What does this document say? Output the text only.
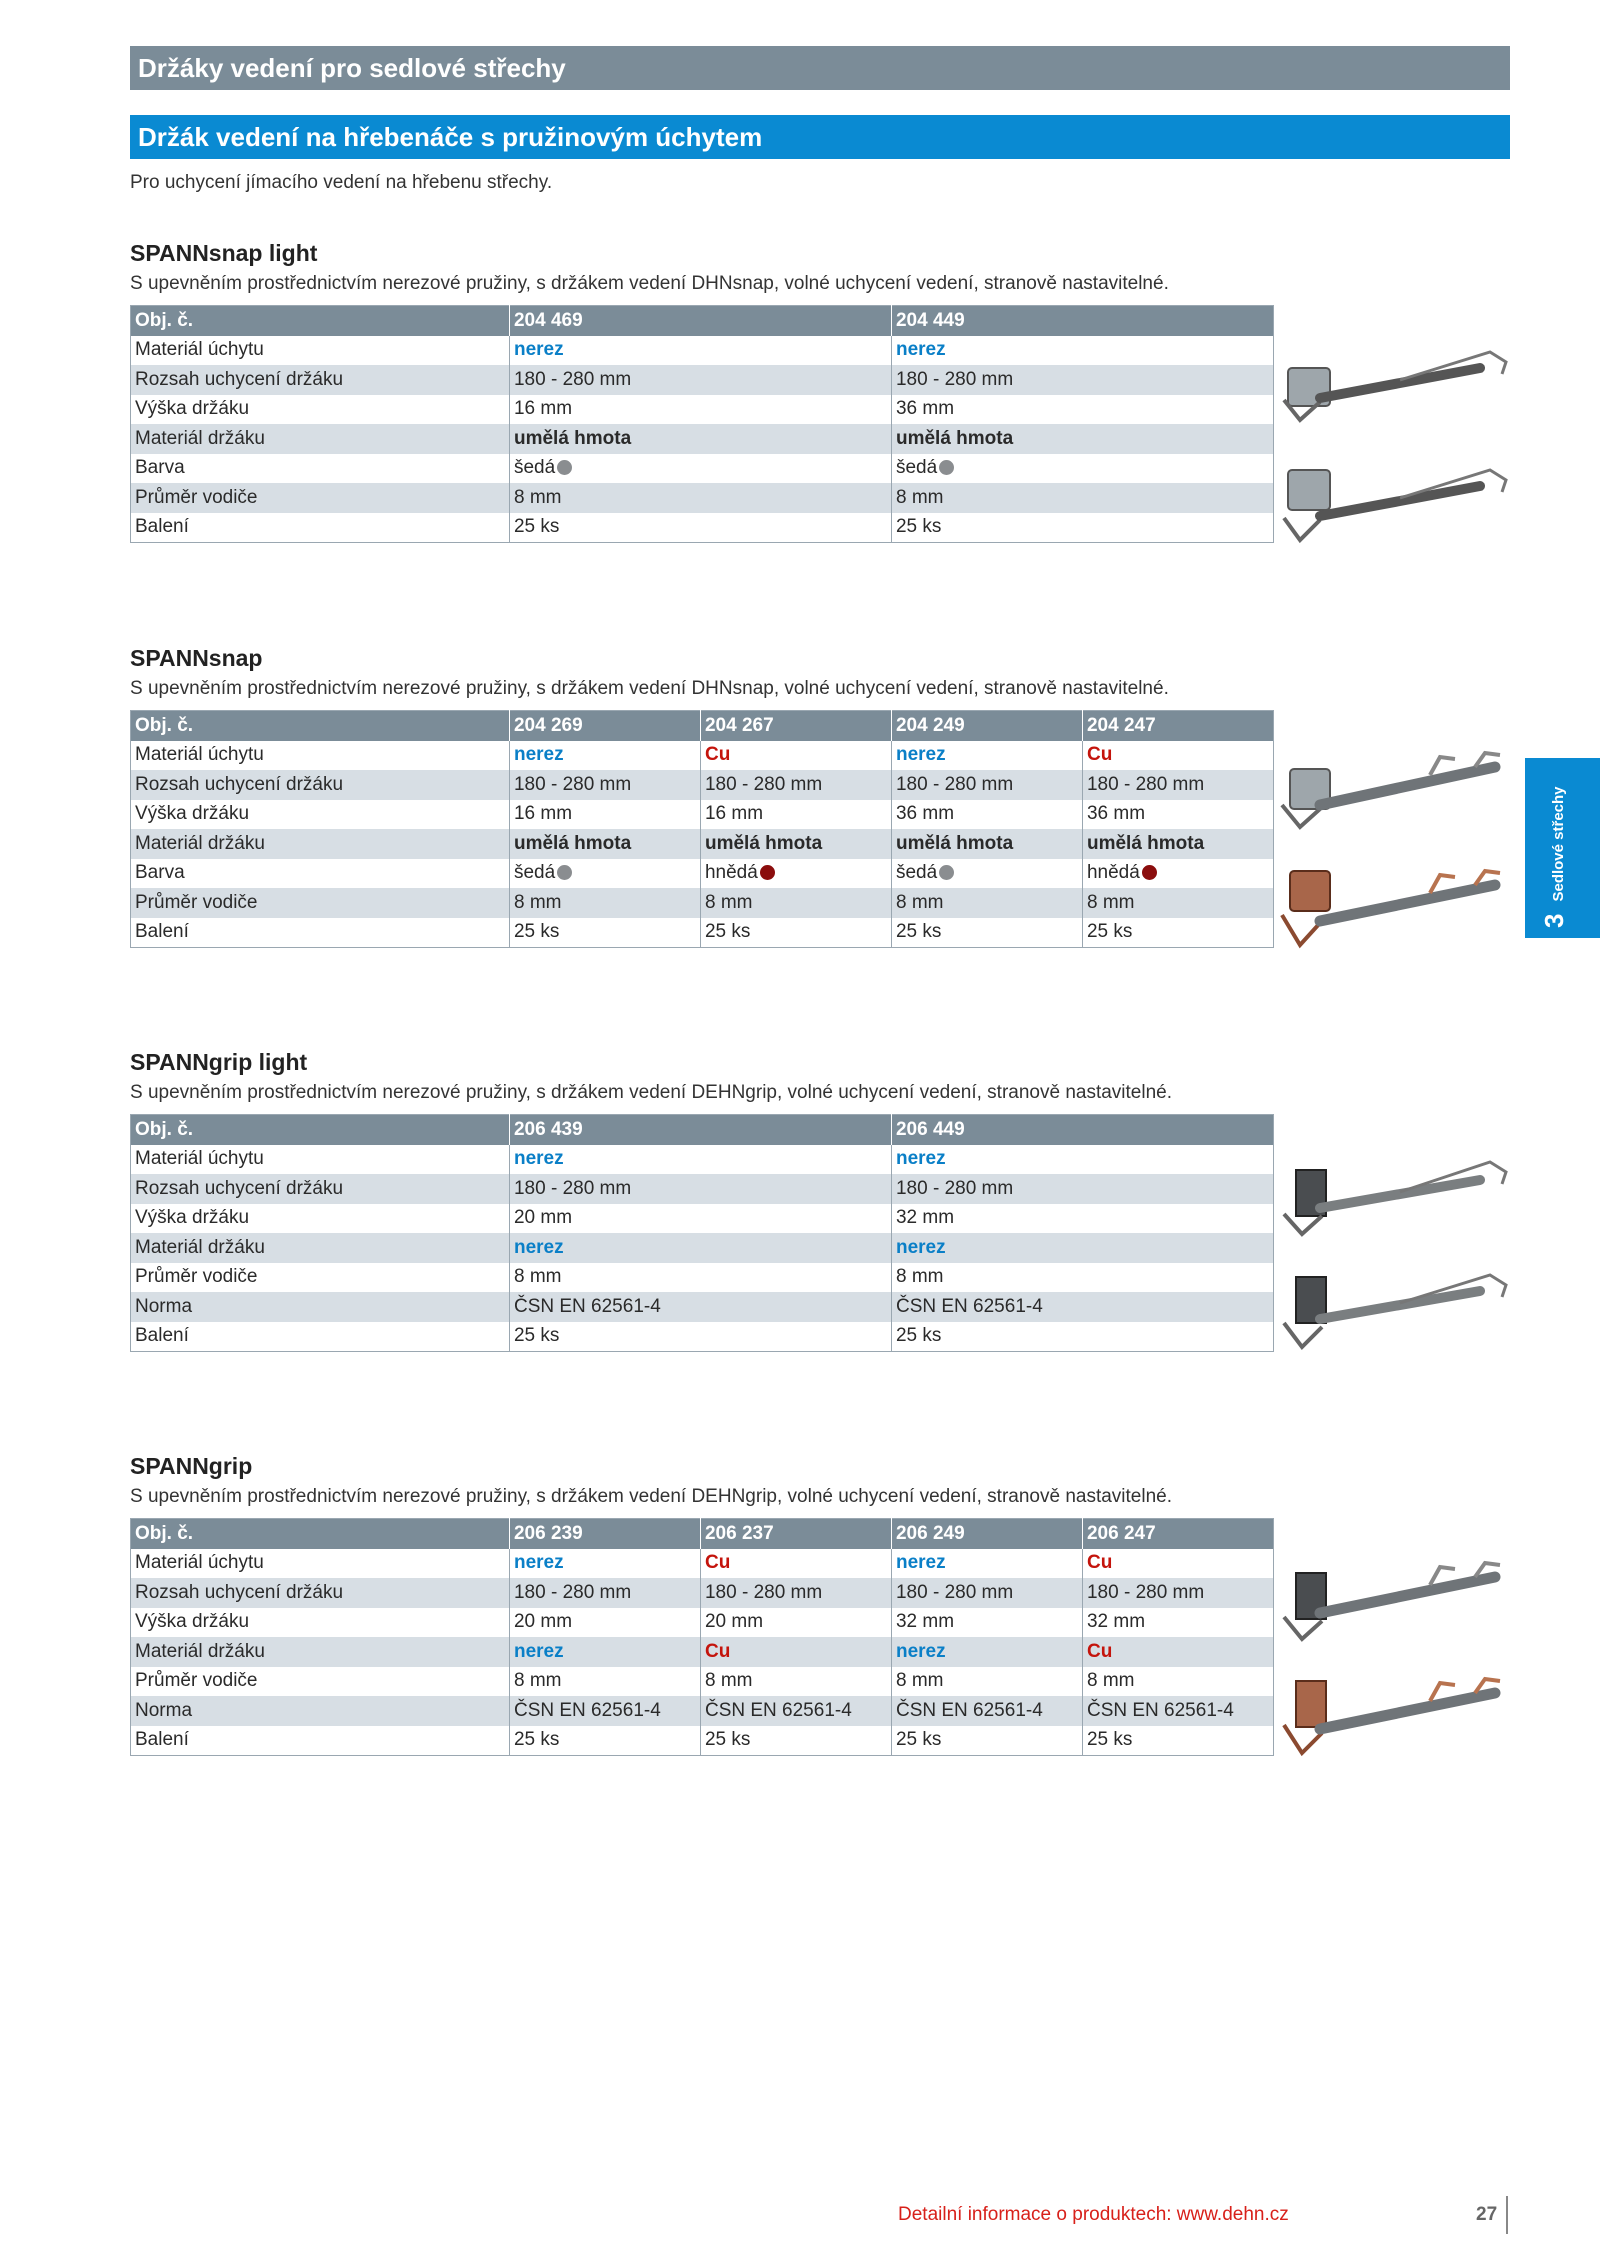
Držáky vedení pro sedlové střechy
Držák vedení na hřebenáče s pružinovým úchytem
Pro uchycení jímacího vedení na hřebenu střechy.
SPANNsnap light
S upevněním prostřednictvím nerezové pružiny, s držákem vedení DHNsnap, volné uchycení vedení, stranově nastavitelné.
Obj. č.	204 469	204 449
Materiál úchytu	nerez	nerez
Rozsah uchycení držáku	180 - 280 mm	180 - 280 mm
Výška držáku	16 mm	36 mm
Materiál držáku	umělá hmota	umělá hmota
Barva	šedá	šedá
Průměr vodiče	8 mm	8 mm
Balení	25 ks	25 ks
SPANNsnap
S upevněním prostřednictvím nerezové pružiny, s držákem vedení DHNsnap, volné uchycení vedení, stranově nastavitelné.
Obj. č.	204 269	204 267	204 249	204 247
Materiál úchytu	nerez	Cu	nerez	Cu
Rozsah uchycení držáku	180 - 280 mm	180 - 280 mm	180 - 280 mm	180 - 280 mm
Výška držáku	16 mm	16 mm	36 mm	36 mm
Materiál držáku	umělá hmota	umělá hmota	umělá hmota	umělá hmota
Barva	šedá	hnědá	šedá	hnědá
Průměr vodiče	8 mm	8 mm	8 mm	8 mm
Balení	25 ks	25 ks	25 ks	25 ks
SPANNgrip light
S upevněním prostřednictvím nerezové pružiny, s držákem vedení DEHNgrip, volné uchycení vedení, stranově nastavitelné.
Obj. č.	206 439	206 449
Materiál úchytu	nerez	nerez
Rozsah uchycení držáku	180 - 280 mm	180 - 280 mm
Výška držáku	20 mm	32 mm
Materiál držáku	nerez	nerez
Průměr vodiče	8 mm	8 mm
Norma	ČSN EN 62561-4	ČSN EN 62561-4
Balení	25 ks	25 ks
SPANNgrip
S upevněním prostřednictvím nerezové pružiny, s držákem vedení DEHNgrip, volné uchycení vedení, stranově nastavitelné.
Obj. č.	206 239	206 237	206 249	206 247
Materiál úchytu	nerez	Cu	nerez	Cu
Rozsah uchycení držáku	180 - 280 mm	180 - 280 mm	180 - 280 mm	180 - 280 mm
Výška držáku	20 mm	20 mm	32 mm	32 mm
Materiál držáku	nerez	Cu	nerez	Cu
Průměr vodiče	8 mm	8 mm	8 mm	8 mm
Norma	ČSN EN 62561-4	ČSN EN 62561-4	ČSN EN 62561-4	ČSN EN 62561-4
Balení	25 ks	25 ks	25 ks	25 ks
3Sedlové střechy
Detailní informace o produktech: www.dehn.cz	27
